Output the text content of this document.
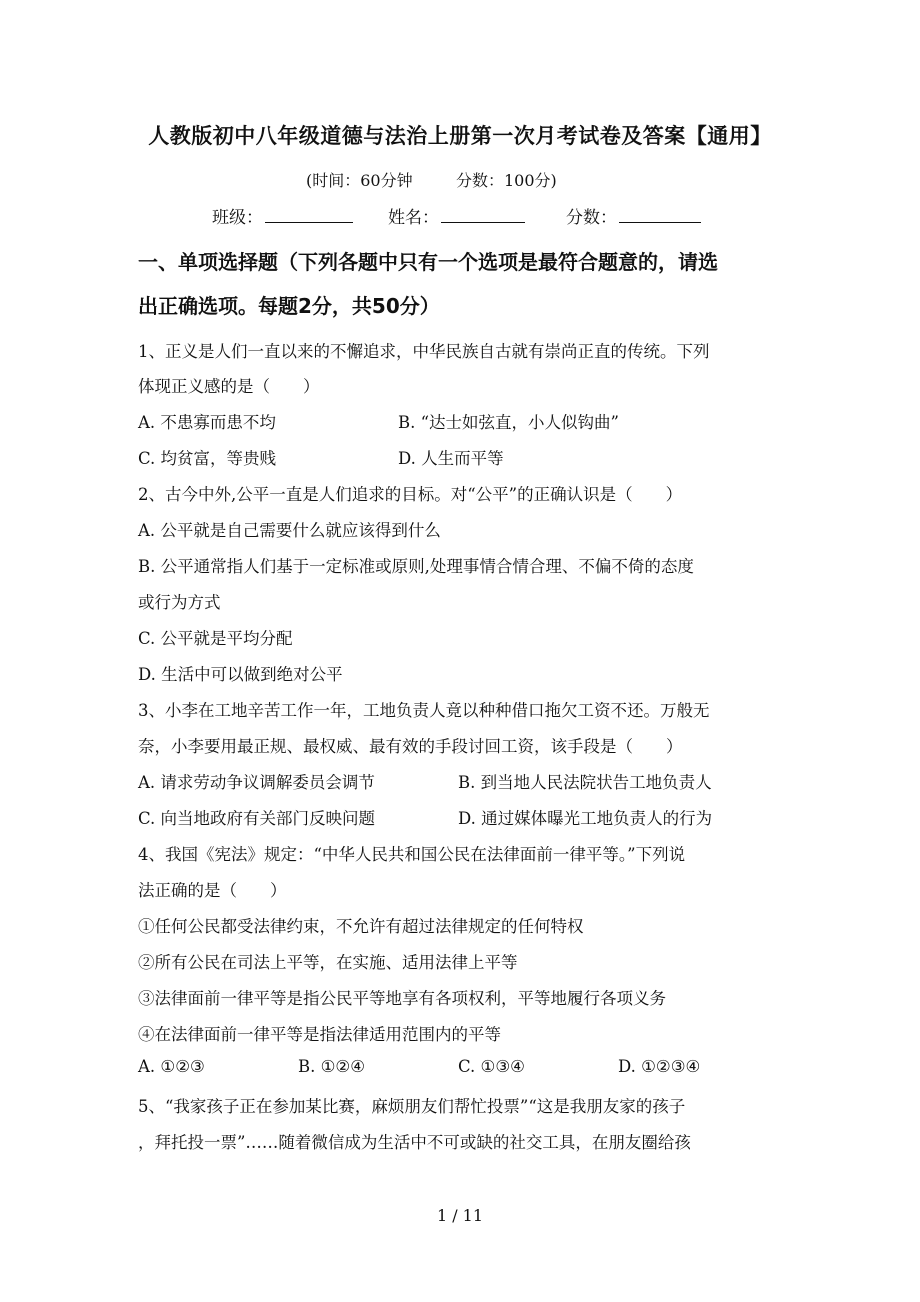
人教版初中八年级道德与法治上册第一次月考试卷及答案【通用】
(时间：60分钟	分数：100分)
班级：	姓名：	分数：
一、单项选择题（下列各题中只有一个选项是最符合题意的，请选
出正确选项。每题2分，共50分）
1、正义是人们一直以来的不懈追求，中华民族自古就有崇尚正直的传统。下列
体现正义感的是（　　）
A. 不患寡而患不均	B. “达士如弦直，小人似钩曲”
C. 均贫富，等贵贱	D. 人生而平等
2、古今中外,公平一直是人们追求的目标。对“公平”的正确认识是（　　）
A. 公平就是自己需要什么就应该得到什么
B. 公平通常指人们基于一定标准或原则,处理事情合情合理、不偏不倚的态度
或行为方式
C. 公平就是平均分配
D. 生活中可以做到绝对公平
3、小李在工地辛苦工作一年，工地负责人竟以种种借口拖欠工资不还。万般无
奈，小李要用最正规、最权威、最有效的手段讨回工资，该手段是（　　）
A. 请求劳动争议调解委员会调节	B. 到当地人民法院状告工地负责人
C. 向当地政府有关部门反映问题	D. 通过媒体曝光工地负责人的行为
4、我国《宪法》规定：“中华人民共和国公民在法律面前一律平等。”下列说
法正确的是（　　）
①任何公民都受法律约束，不允许有超过法律规定的任何特权
②所有公民在司法上平等，在实施、适用法律上平等
③法律面前一律平等是指公民平等地享有各项权利，平等地履行各项义务
④在法律面前一律平等是指法律适用范围内的平等
A. ①②③	B. ①②④	C. ①③④	D. ①②③④
5、“我家孩子正在参加某比赛，麻烦朋友们帮忙投票”“这是我朋友家的孩子
，拜托投一票”……随着微信成为生活中不可或缺的社交工具，在朋友圈给孩
1 / 11
